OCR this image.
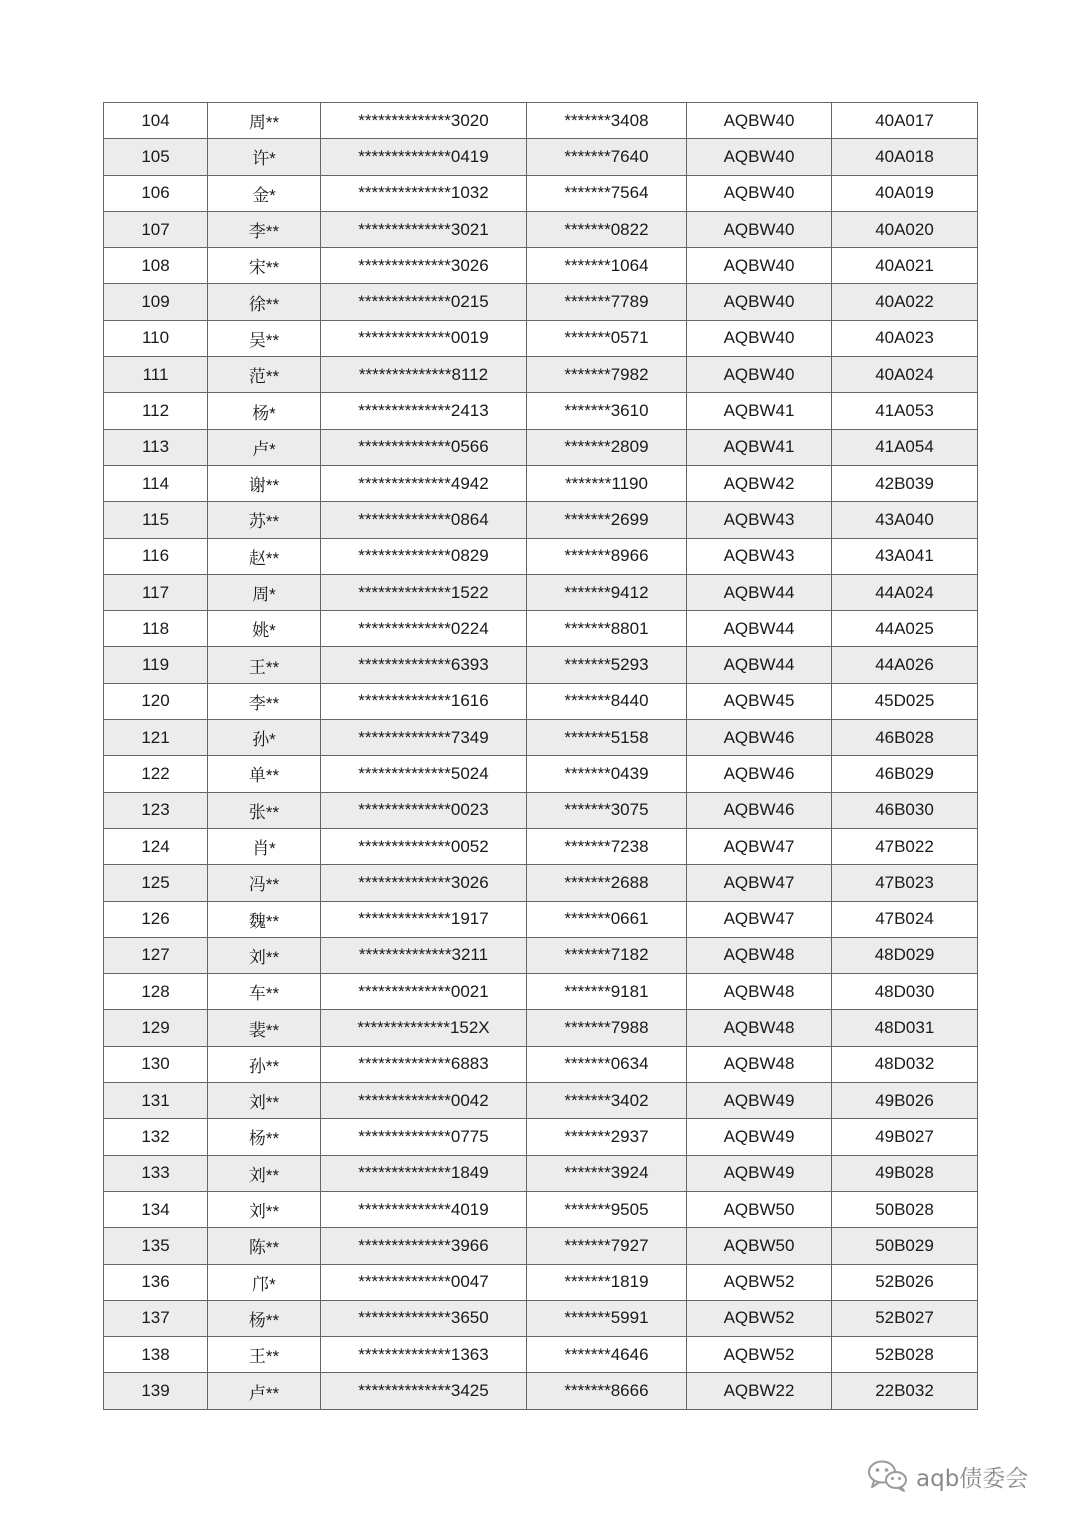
104	周**	**************3020	*******3408	AQBW40	40A017
105	许*	**************0419	*******7640	AQBW40	40A018
106	金*	**************1032	*******7564	AQBW40	40A019
107	李**	**************3021	*******0822	AQBW40	40A020
108	宋**	**************3026	*******1064	AQBW40	40A021
109	徐**	**************0215	*******7789	AQBW40	40A022
110	吴**	**************0019	*******0571	AQBW40	40A023
111	范**	**************8112	*******7982	AQBW40	40A024
112	杨*	**************2413	*******3610	AQBW41	41A053
113	卢*	**************0566	*******2809	AQBW41	41A054
114	谢**	**************4942	*******1190	AQBW42	42B039
115	苏**	**************0864	*******2699	AQBW43	43A040
116	赵**	**************0829	*******8966	AQBW43	43A041
117	周*	**************1522	*******9412	AQBW44	44A024
118	姚*	**************0224	*******8801	AQBW44	44A025
119	王**	**************6393	*******5293	AQBW44	44A026
120	李**	**************1616	*******8440	AQBW45	45D025
121	孙*	**************7349	*******5158	AQBW46	46B028
122	单**	**************5024	*******0439	AQBW46	46B029
123	张**	**************0023	*******3075	AQBW46	46B030
124	肖*	**************0052	*******7238	AQBW47	47B022
125	冯**	**************3026	*******2688	AQBW47	47B023
126	魏**	**************1917	*******0661	AQBW47	47B024
127	刘**	**************3211	*******7182	AQBW48	48D029
128	车**	**************0021	*******9181	AQBW48	48D030
129	裴**	**************152X	*******7988	AQBW48	48D031
130	孙**	**************6883	*******0634	AQBW48	48D032
131	刘**	**************0042	*******3402	AQBW49	49B026
132	杨**	**************0775	*******2937	AQBW49	49B027
133	刘**	**************1849	*******3924	AQBW49	49B028
134	刘**	**************4019	*******9505	AQBW50	50B028
135	陈**	**************3966	*******7927	AQBW50	50B029
136	邝*	**************0047	*******1819	AQBW52	52B026
137	杨**	**************3650	*******5991	AQBW52	52B027
138	王**	**************1363	*******4646	AQBW52	52B028
139	卢**	**************3425	*******8666	AQBW22	22B032
aqb债委会
